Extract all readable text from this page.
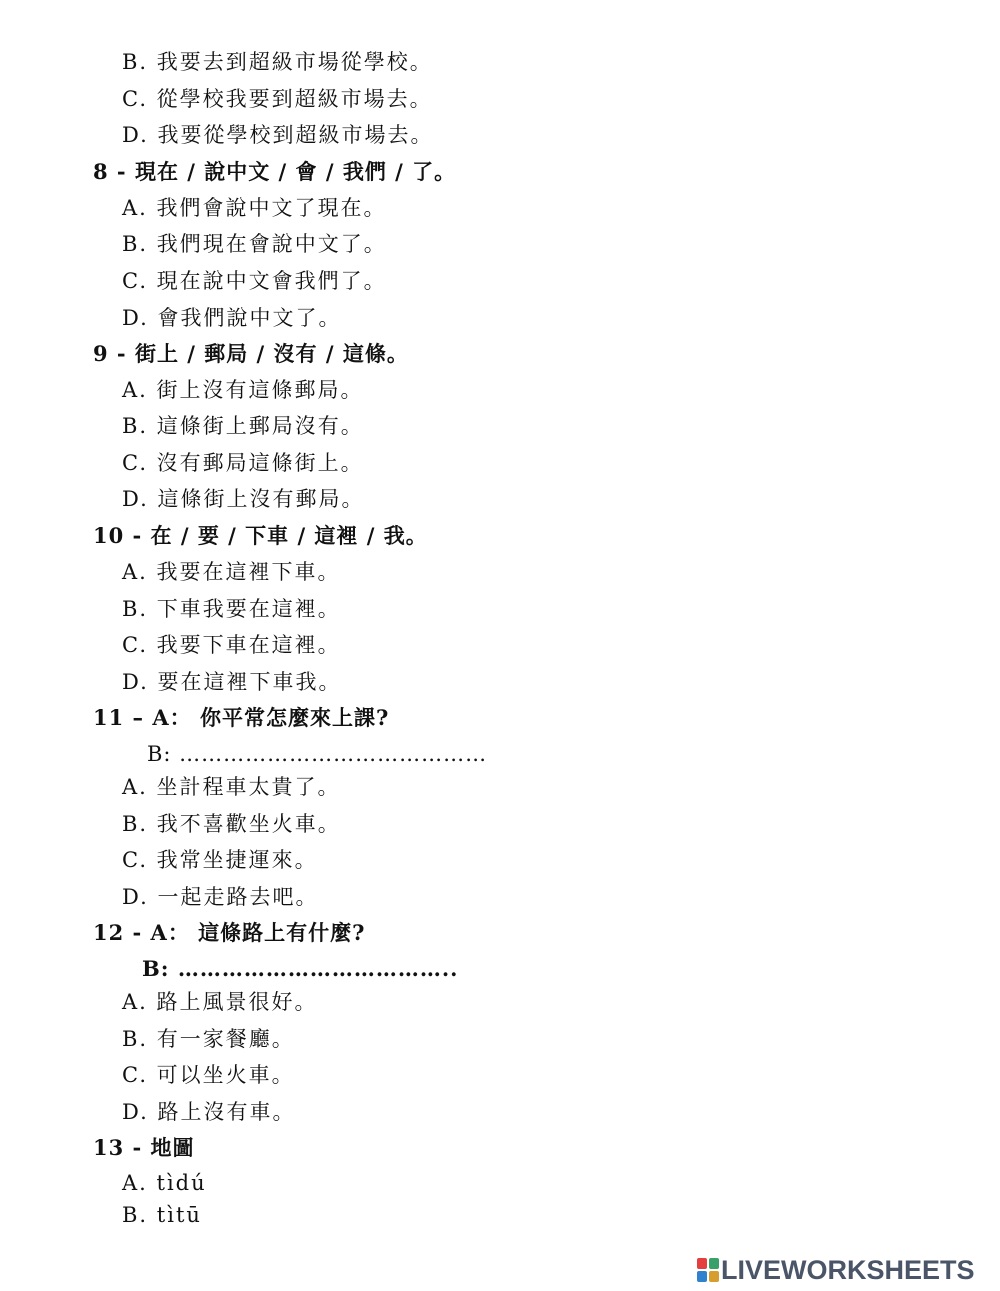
B. 我要去到超級市場從學校。
C. 從學校我要到超級市場去。
D. 我要從學校到超級市場去。
8 - 現在 / 說中文 / 會 / 我們 / 了。
A. 我們會說中文了現在。
B. 我們現在會說中文了。
C. 現在說中文會我們了。
D. 會我們說中文了。
9 - 街上 / 郵局 / 沒有 / 這條。
A. 街上沒有這條郵局。
B. 這條街上郵局沒有。
C. 沒有郵局這條街上。
D. 這條街上沒有郵局。
10 - 在 / 要 / 下車 / 這裡 / 我。
A. 我要在這裡下車。
B. 下車我要在這裡。
C. 我要下車在這裡。
D. 要在這裡下車我。
11 – A： 你平常怎麼來上課?
B: ……………………………………
A. 坐計程車太貴了。
B. 我不喜歡坐火車。
C. 我常坐捷運來。
D. 一起走路去吧。
12 - A： 這條路上有什麼?
B: ………………………………..
A. 路上風景很好。
B. 有一家餐廳。
C. 可以坐火車。
D. 路上沒有車。
13 - 地圖
A. tìdú
B. tìtū
LIVEWORKSHEETS
